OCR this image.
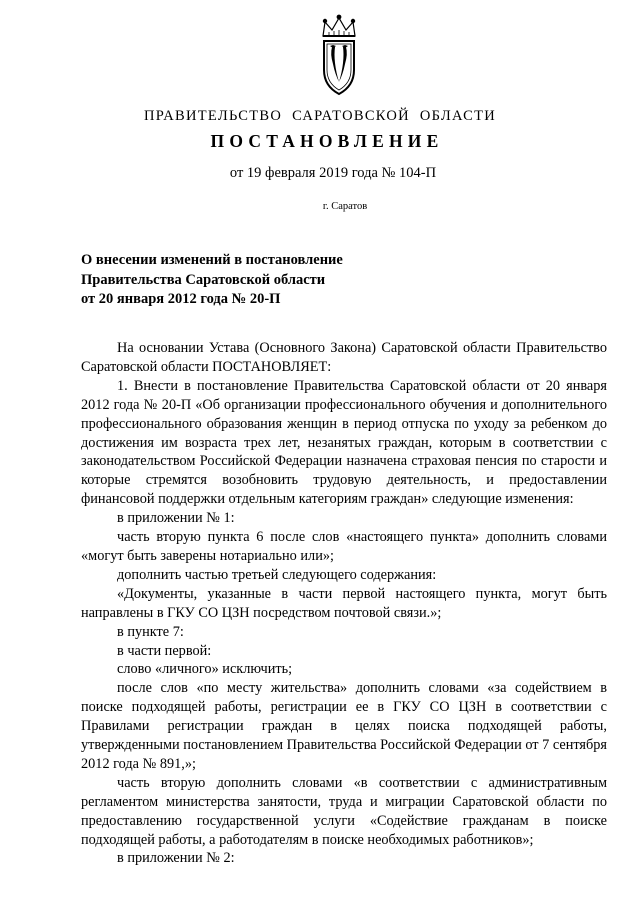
ПРАВИТЕЛЬСТВО САРАТОВСКОЙ ОБЛАСТИ
ПОСТАНОВЛЕНИЕ
от 19 февраля 2019 года № 104-П
г. Саратов
О внесении изменений в постановление
Правительства Саратовской области
от 20 января 2012 года № 20-П

На основании Устава (Основного Закона) Саратовской области Правительство Саратовской области ПОСТАНОВЛЯЕТ:

1. Внести в постановление Правительства Саратовской области от 20 января 2012 года № 20-П «Об организации профессионального обучения и дополнительного профессионального образования женщин в период отпуска по уходу за ребенком до достижения им возраста трех лет, незанятых граждан, которым в соответствии с законодательством Российской Федерации назначена страховая пенсия по старости и которые стремятся возобновить трудовую деятельность, и предоставлении финансовой поддержки отдельным категориям граждан» следующие изменения:

в приложении № 1:

часть вторую пункта 6 после слов «настоящего пункта» дополнить словами «могут быть заверены нотариально или»;

дополнить частью третьей следующего содержания:

«Документы, указанные в части первой настоящего пункта, могут быть направлены в ГКУ СО ЦЗН посредством почтовой связи.»;

в пункте 7:

в части первой:

слово «личного» исключить;

после слов «по месту жительства» дополнить словами «за содействием в поиске подходящей работы, регистрации ее в ГКУ СО ЦЗН в соответствии с Правилами регистрации граждан в целях поиска подходящей работы, утвержденными постановлением Правительства Российской Федерации от 7 сентября 2012 года № 891,»;

часть вторую дополнить словами «в соответствии с административным регламентом министерства занятости, труда и миграции Саратовской области по предоставлению государственной услуги «Содействие гражданам в поиске подходящей работы, а работодателям в поиске необходимых работников»;

в приложении № 2:
